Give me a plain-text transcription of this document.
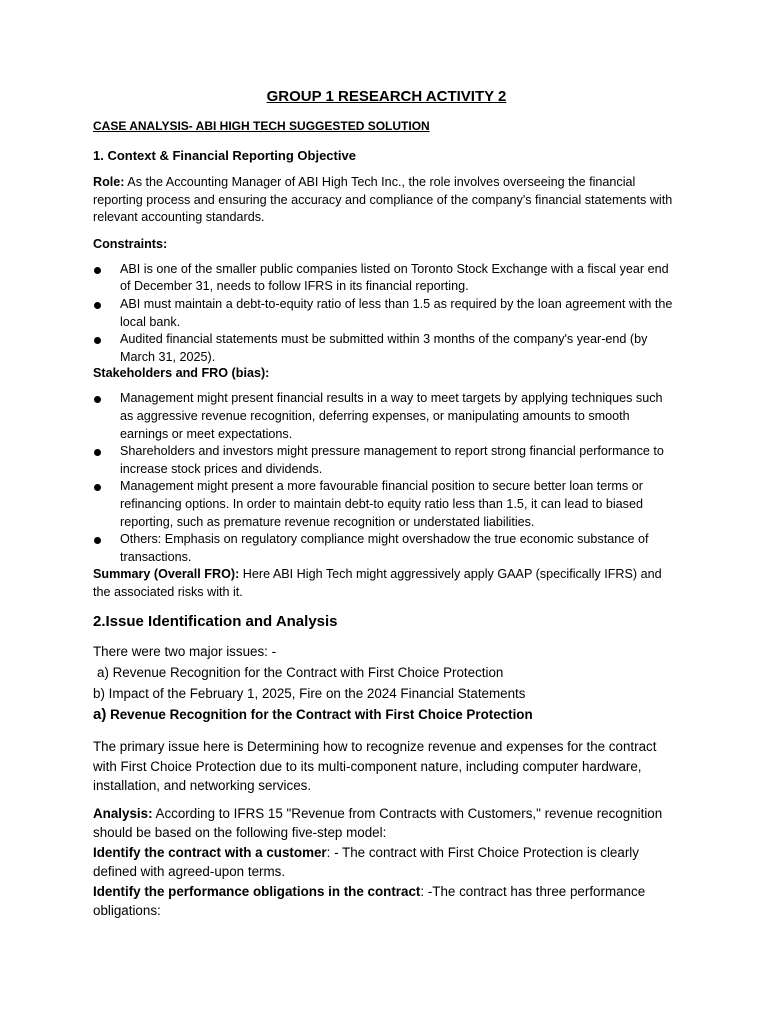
GROUP 1 RESEARCH ACTIVITY 2
CASE ANALYSIS- ABI HIGH TECH SUGGESTED SOLUTION
1. Context & Financial Reporting Objective

Role: As the Accounting Manager of ABI High Tech Inc., the role involves overseeing the financial reporting process and ensuring the accuracy and compliance of the company's financial statements with relevant accounting standards.

Constraints:
ABI is one of the smaller public companies listed on Toronto Stock Exchange with a fiscal year end of December 31, needs to follow IFRS in its financial reporting.
ABI must maintain a debt-to-equity ratio of less than 1.5 as required by the loan agreement with the local bank.
Audited financial statements must be submitted within 3 months of the company's year-end (by March 31, 2025).
Stakeholders and FRO (bias):
Management might present financial results in a way to meet targets by applying techniques such as aggressive revenue recognition, deferring expenses, or manipulating amounts to smooth earnings or meet expectations.
Shareholders and investors might pressure management to report strong financial performance to increase stock prices and dividends.
Management might present a more favourable financial position to secure better loan terms or refinancing options. In order to maintain debt-to equity ratio less than 1.5, it can lead to biased reporting, such as premature revenue recognition or understated liabilities.
Others: Emphasis on regulatory compliance might overshadow the true economic substance of transactions.

Summary (Overall FRO): Here ABI High Tech might aggressively apply GAAP (specifically IFRS) and the associated risks with it.

2.Issue Identification and Analysis
There were two major issues: -
a) Revenue Recognition for the Contract with First Choice Protection
b) Impact of the February 1, 2025, Fire on the 2024 Financial Statements
a) Revenue Recognition for the Contract with First Choice Protection

The primary issue here is Determining how to recognize revenue and expenses for the contract with First Choice Protection due to its multi-component nature, including computer hardware, installation, and networking services.

Analysis: According to IFRS 15 "Revenue from Contracts with Customers," revenue recognition should be based on the following five-step model:

Identify the contract with a customer: - The contract with First Choice Protection is clearly defined with agreed-upon terms.

Identify the performance obligations in the contract: -The contract has three performance obligations:
